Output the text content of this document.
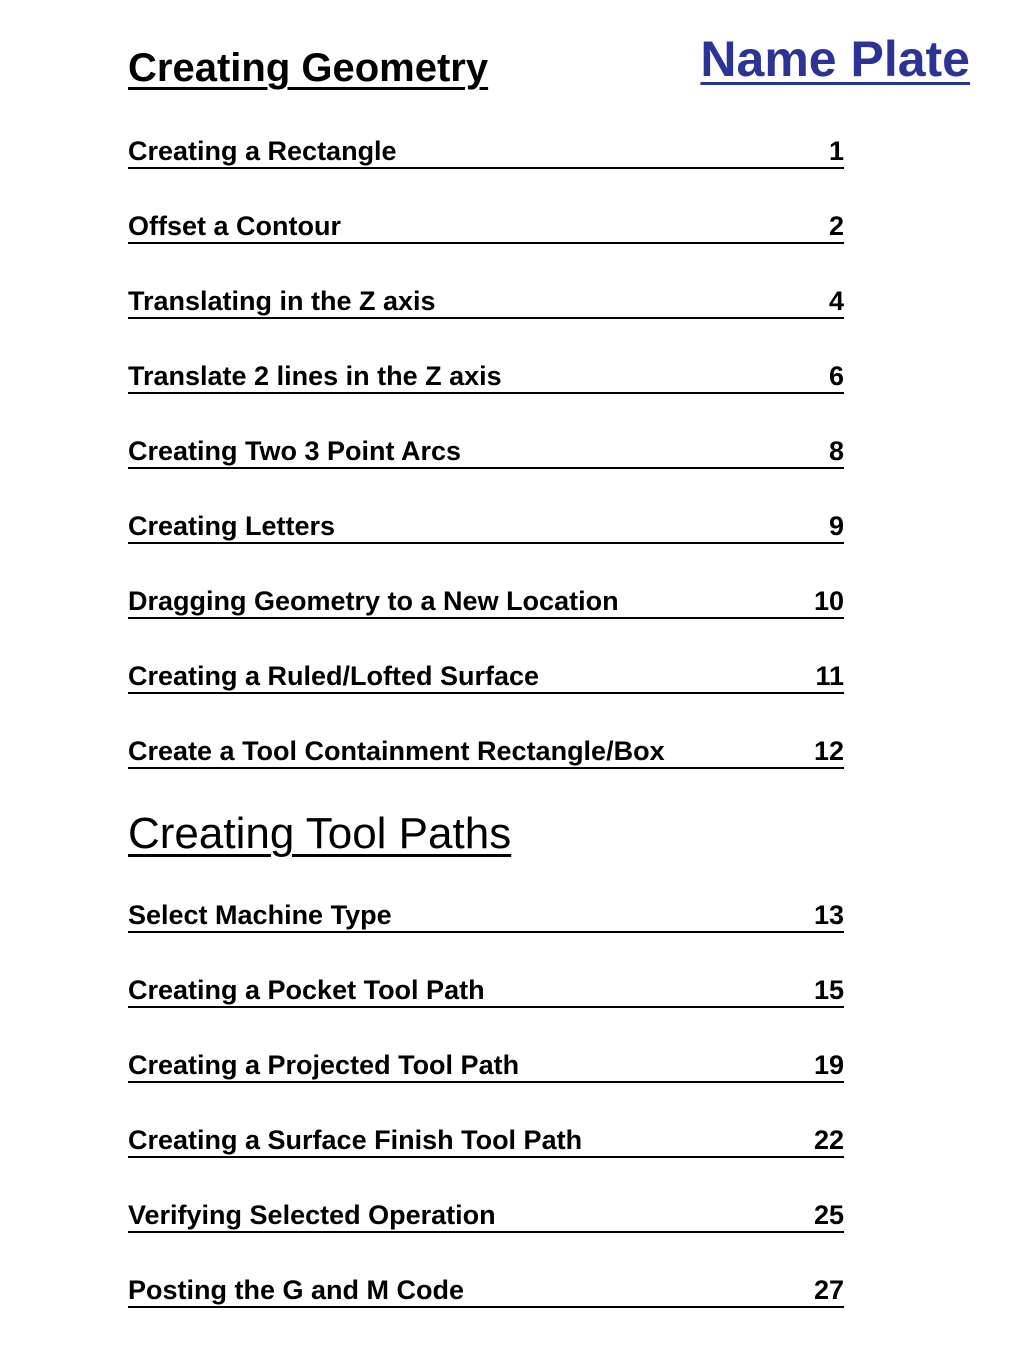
Name Plate
Creating Geometry
Creating a Rectangle	1
Offset a Contour	2
Translating in the Z axis	4
Translate 2 lines in the Z axis	6
Creating Two 3 Point Arcs	8
Creating Letters	9
Dragging Geometry to a New Location	10
Creating a Ruled/Lofted Surface	11
Create a Tool Containment Rectangle/Box	12
Creating Tool Paths
Select Machine Type	13
Creating a Pocket Tool Path	15
Creating a Projected Tool Path	19
Creating a Surface Finish Tool Path	22
Verifying Selected Operation	25
Posting the G and M Code	27
